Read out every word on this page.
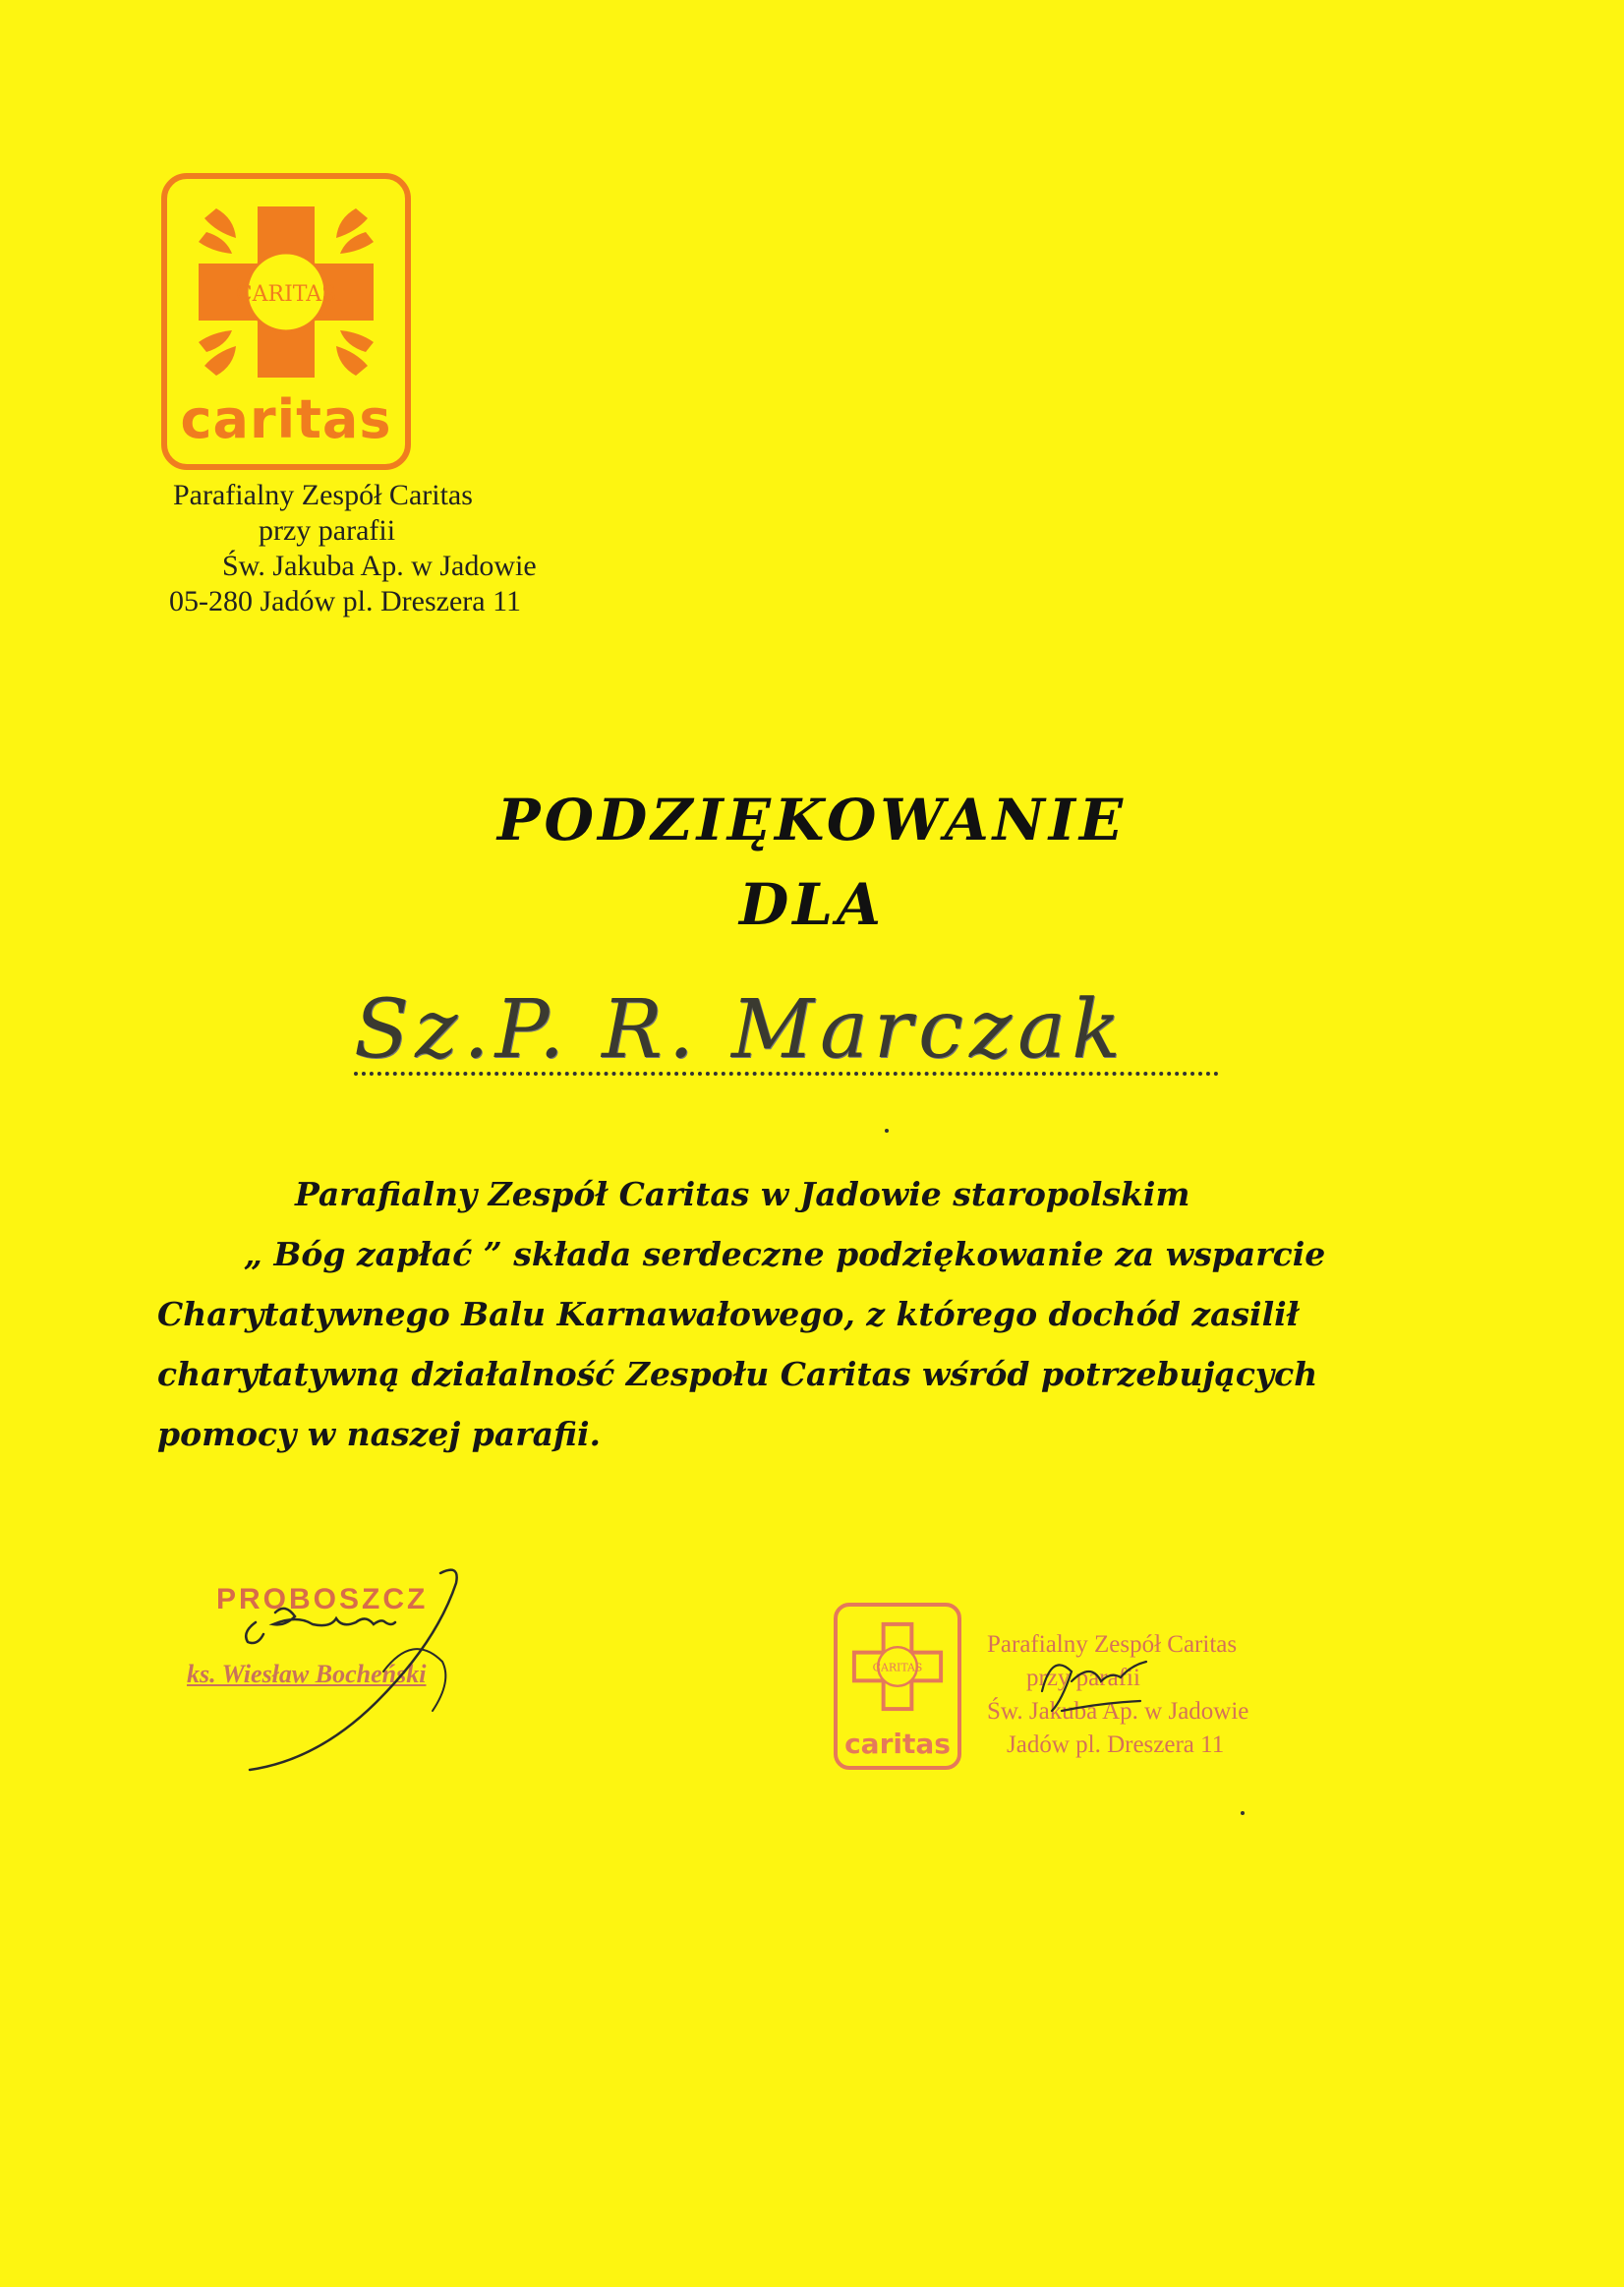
CARITAS
caritas
Parafialny Zespół Caritas
przy parafii
Św. Jakuba Ap. w Jadowie
05-280 Jadów pl. Dreszera 11
PODZIĘKOWANIE
DLA
Sz.P. R. Marczak
Parafialny Zespół Caritas w Jadowie staropolskim
„ Bóg zapłać ” składa serdeczne podziękowanie za wsparcie
Charytatywnego Balu Karnawałowego, z którego dochód zasilił
charytatywną działalność Zespołu Caritas wśród potrzebujących
pomocy w naszej parafii.
PROBOSZCZ
ks. Wiesław Bocheński	CARITAS
caritas
Parafialny Zespół Caritas
przy parafii
Św. Jakuba Ap. w Jadowie
Jadów pl. Dreszera 11
